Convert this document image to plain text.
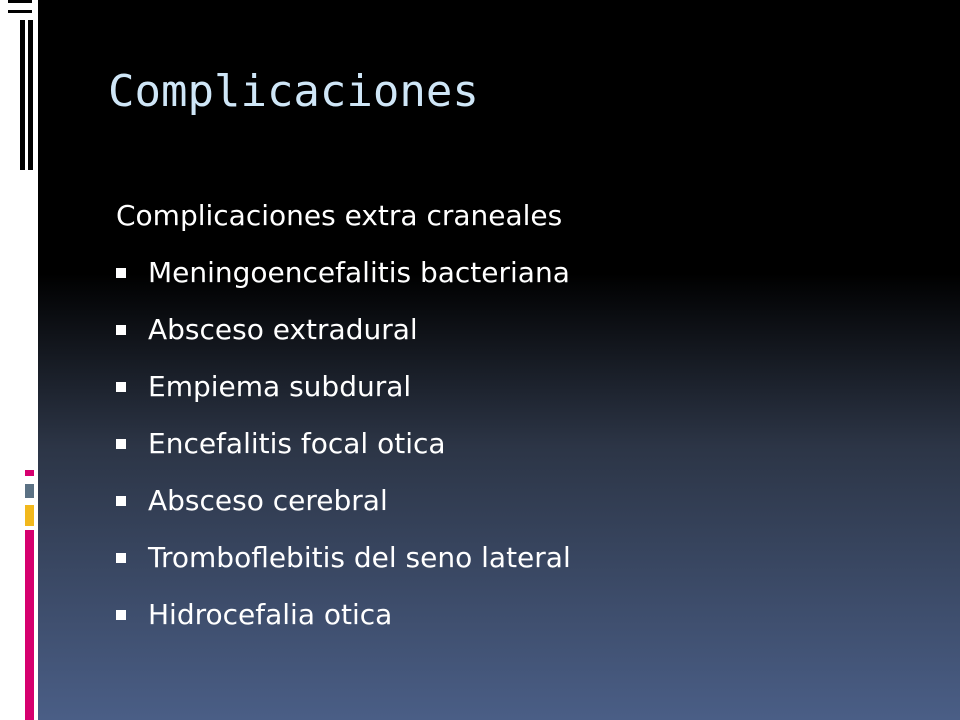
Complicaciones
Complicaciones extra craneales
Meningoencefalitis bacteriana
Absceso extradural
Empiema subdural
Encefalitis focal otica
Absceso cerebral
Tromboflebitis del seno lateral
Hidrocefalia otica
